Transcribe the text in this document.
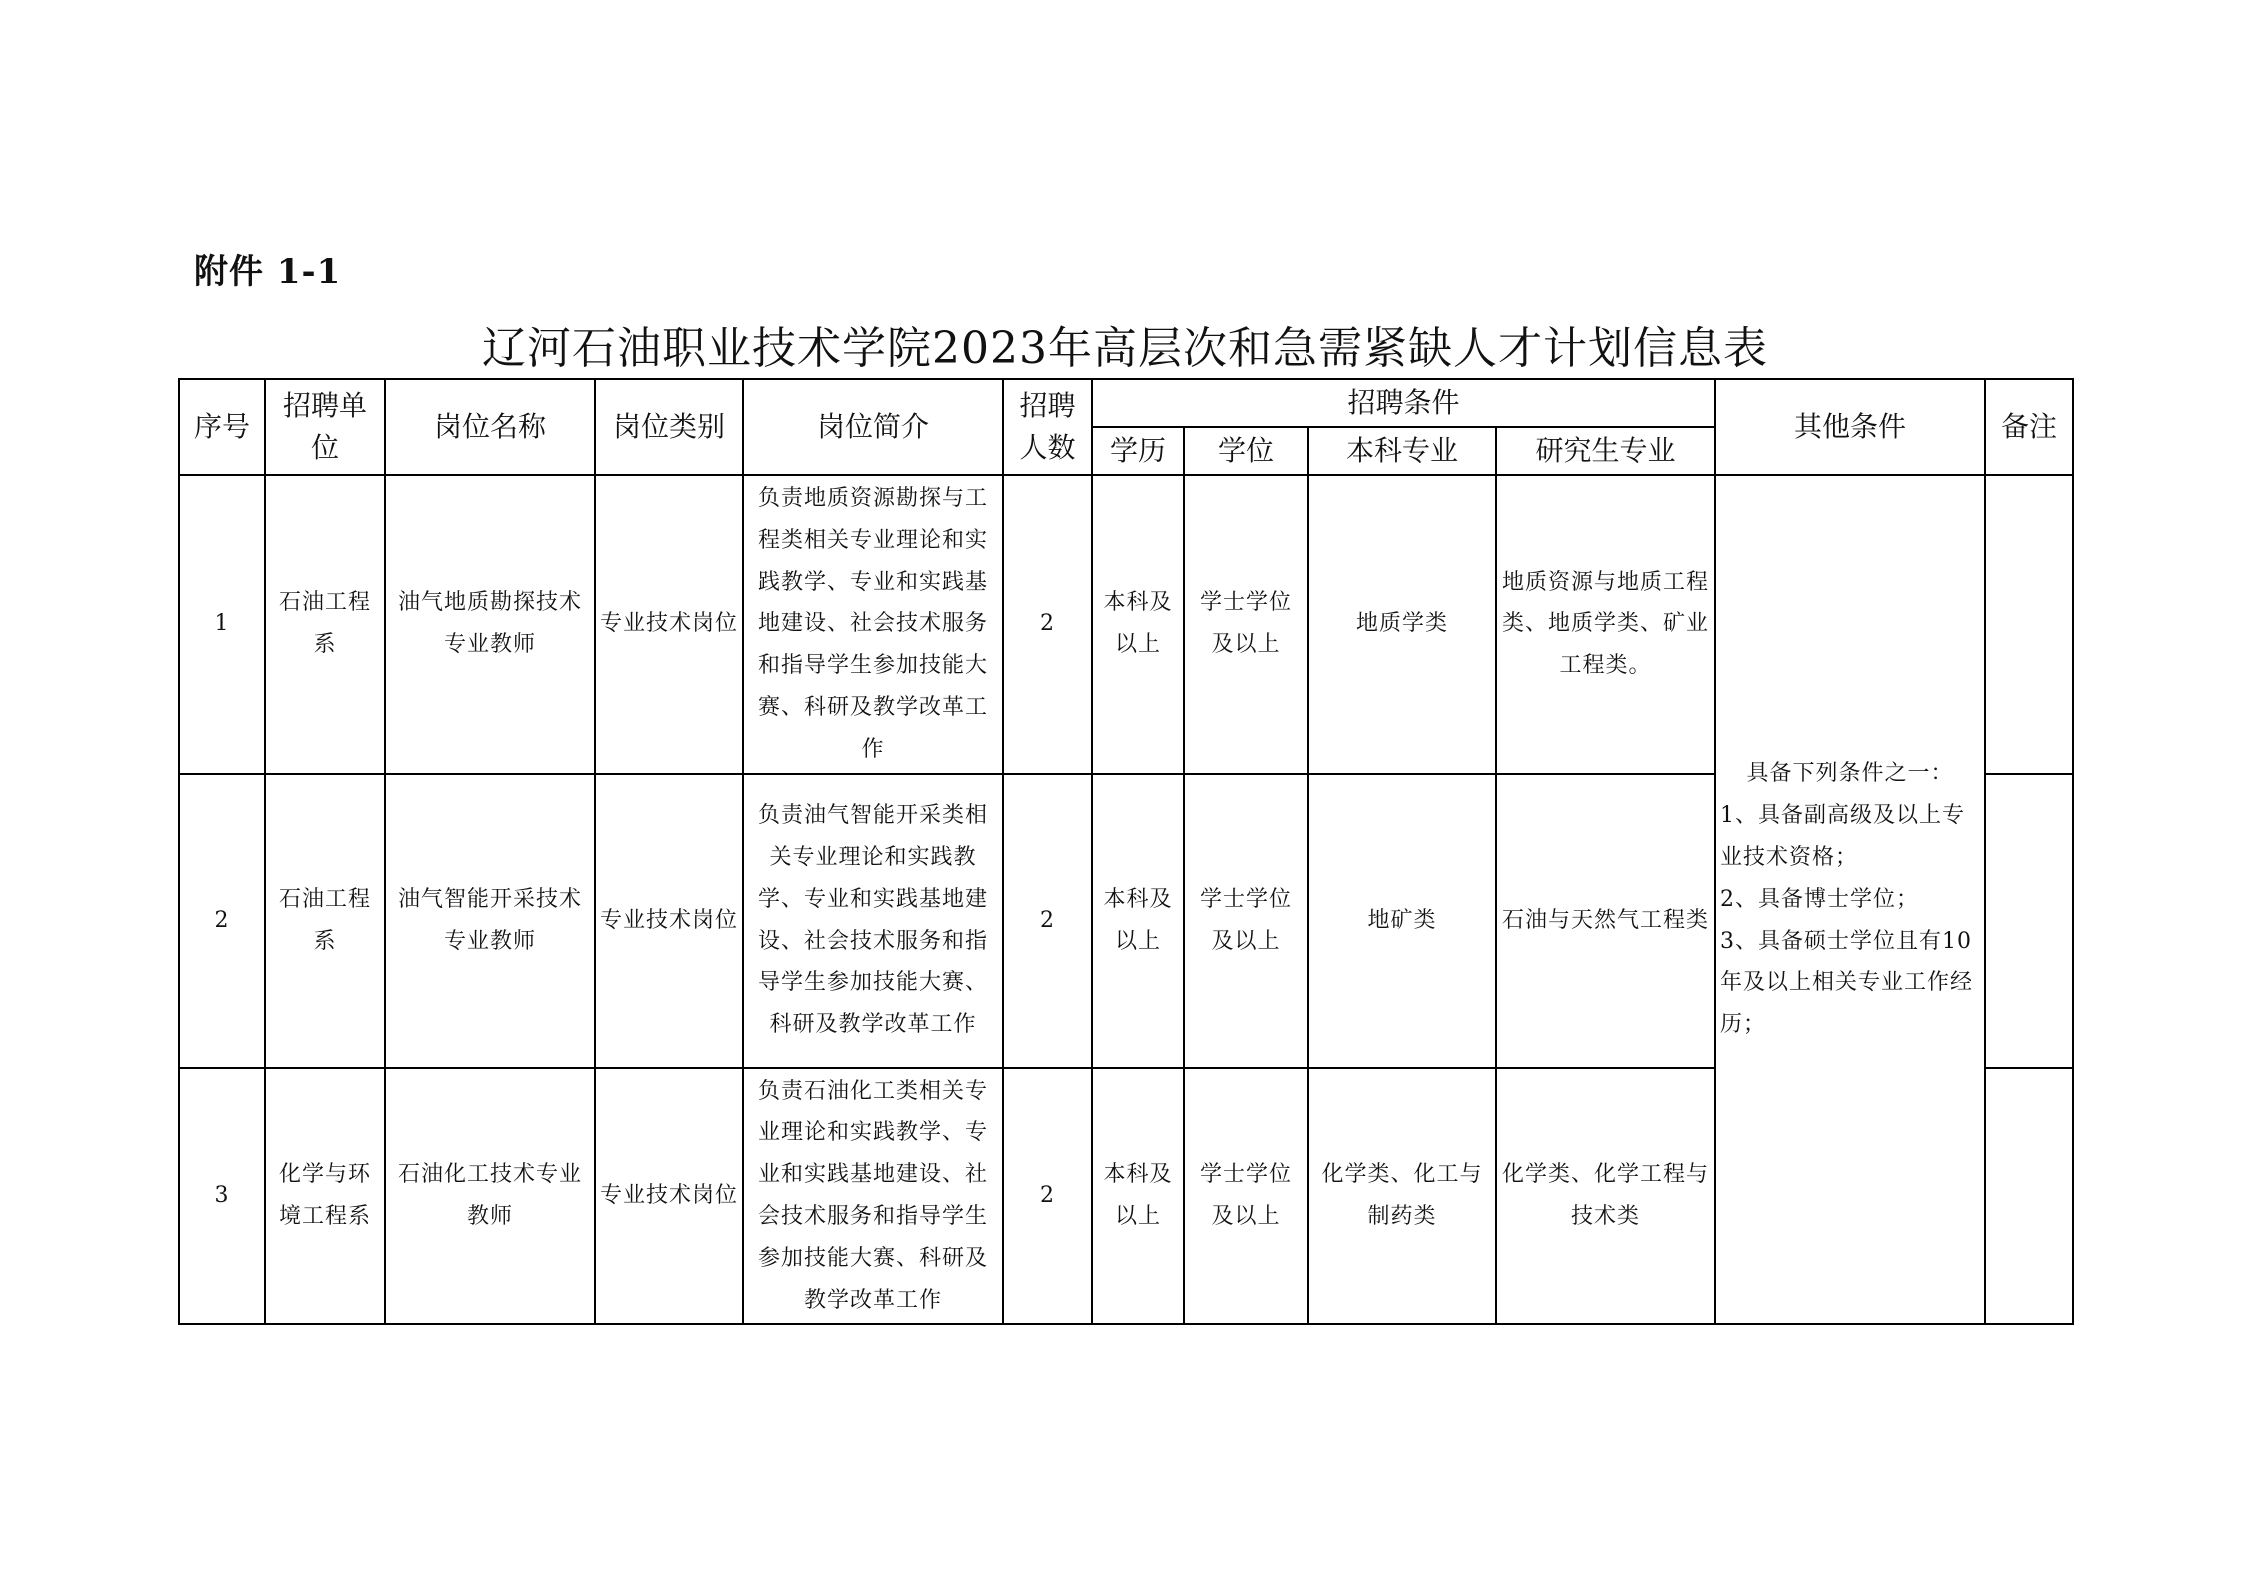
附件 1-1
辽河石油职业技术学院2023年高层次和急需紧缺人才计划信息表
序号	招聘单位	岗位名称	岗位类别	岗位简介	招聘人数	招聘条件				其他条件	备注
						学历	学位	本科专业	研究生专业		
1	石油工程系	油气地质勘探技术专业教师	专业技术岗位	负责地质资源勘探与工程类相关专业理论和实践教学、专业和实践基地建设、社会技术服务和指导学生参加技能大赛、科研及教学改革工作	2	本科及以上	学士学位及以上	地质学类	地质资源与地质工程类、地质学类、矿业工程类。	具备下列条件之一：
1、具备副高级及以上专业技术资格；
2、具备博士学位；
3、具备硕士学位且有10年及以上相关专业工作经历；	

2	石油工程系	油气智能开采技术专业教师	专业技术岗位	负责油气智能开采类相关专业理论和实践教学、专业和实践基地建设、社会技术服务和指导学生参加技能大赛、科研及教学改革工作	2	本科及以上	学士学位及以上	地矿类	石油与天然气工程类		
3	化学与环境工程系	石油化工技术专业教师	专业技术岗位	负责石油化工类相关专业理论和实践教学、专业和实践基地建设、社会技术服务和指导学生参加技能大赛、科研及教学改革工作	2	本科及以上	学士学位及以上	化学类、化工与制药类	化学类、化学工程与技术类		
